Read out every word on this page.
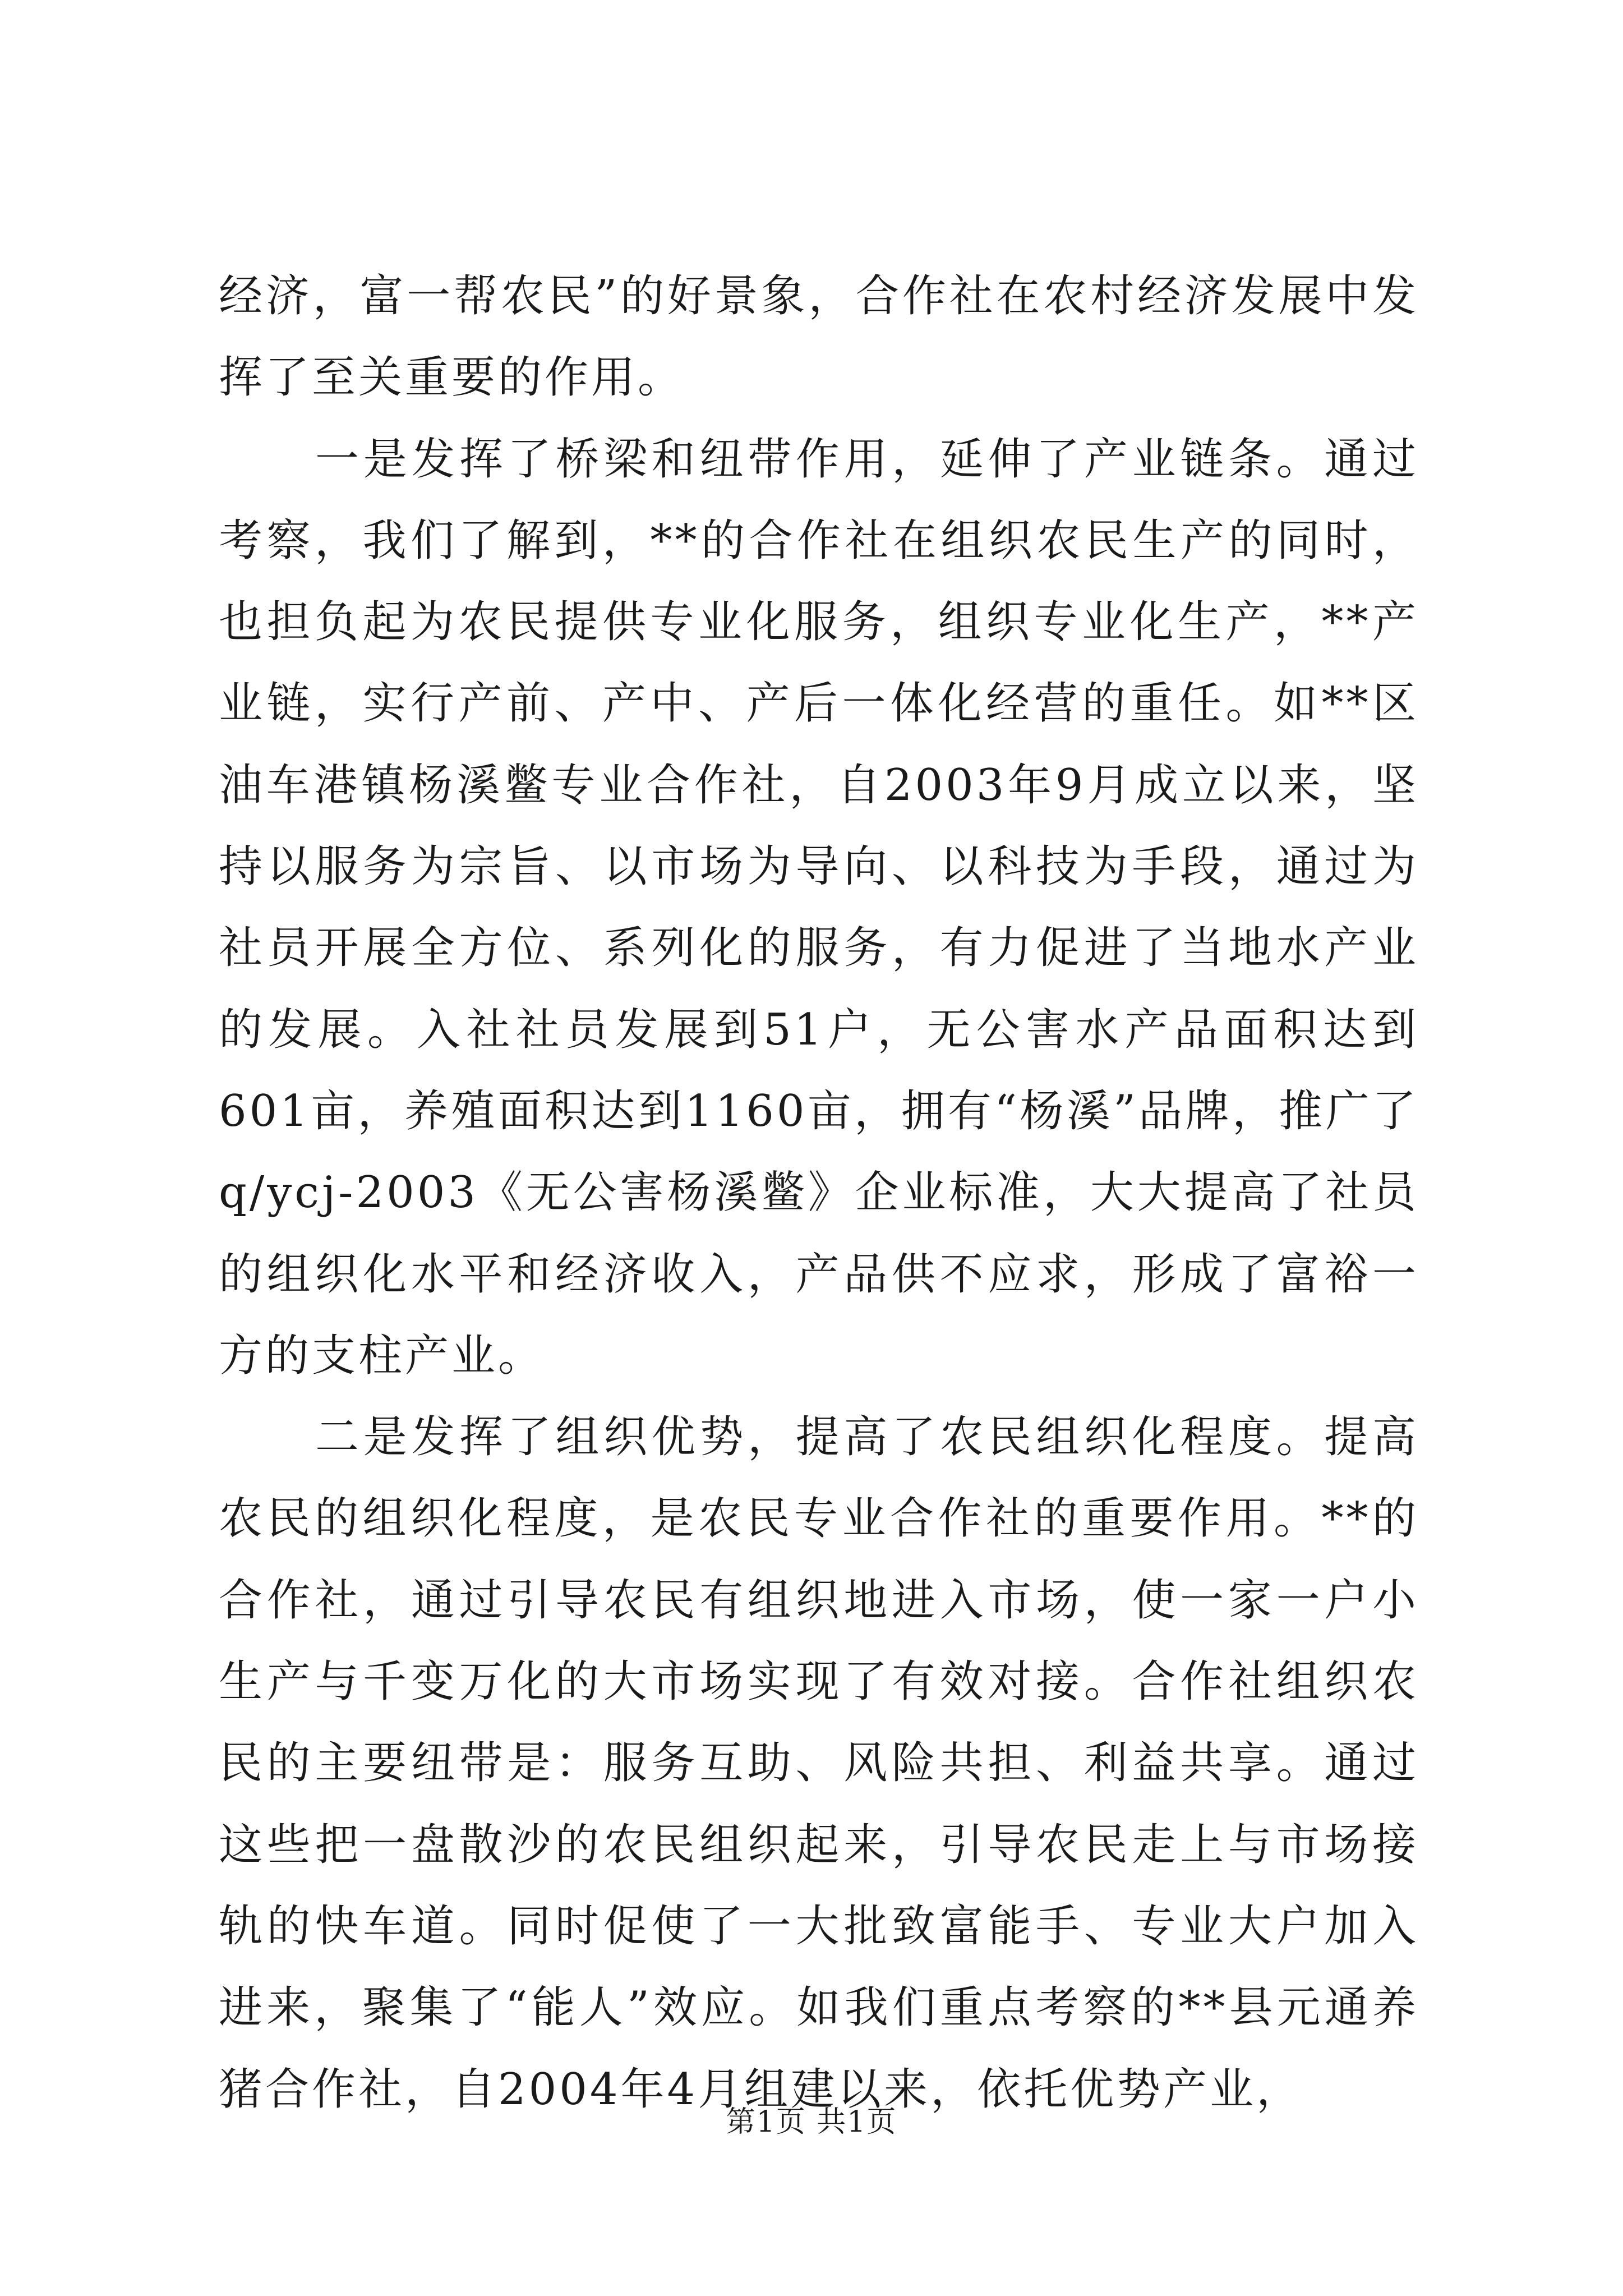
经济，富一帮农民”的好景象，合作社在农村经济发展中发挥了至关重要的作用。

一是发挥了桥梁和纽带作用，延伸了产业链条。通过考察，我们了解到，**的合作社在组织农民生产的同时，也担负起为农民提供专业化服务，组织专业化生产，**产业链，实行产前、产中、产后一体化经营的重任。如**区油车港镇杨溪鳖专业合作社，自2003年9月成立以来，坚持以服务为宗旨、以市场为导向、以科技为手段，通过为社员开展全方位、系列化的服务，有力促进了当地水产业的发展。入社社员发展到51户，无公害水产品面积达到601亩，养殖面积达到1160亩，拥有“杨溪”品牌，推广了q/ycj-2003《无公害杨溪鳖》企业标准，大大提高了社员的组织化水平和经济收入，产品供不应求，形成了富裕一方的支柱产业。

二是发挥了组织优势，提高了农民组织化程度。提高农民的组织化程度，是农民专业合作社的重要作用。**的合作社，通过引导农民有组织地进入市场，使一家一户小生产与千变万化的大市场实现了有效对接。合作社组织农民的主要纽带是：服务互助、风险共担、利益共享。通过这些把一盘散沙的农民组织起来，引导农民走上与市场接轨的快车道。同时促使了一大批致富能手、专业大户加入进来，聚集了“能人”效应。如我们重点考察的**县元通养猪合作社，自2004年4月组建以来，依托优势产业，

第1页 共1页
